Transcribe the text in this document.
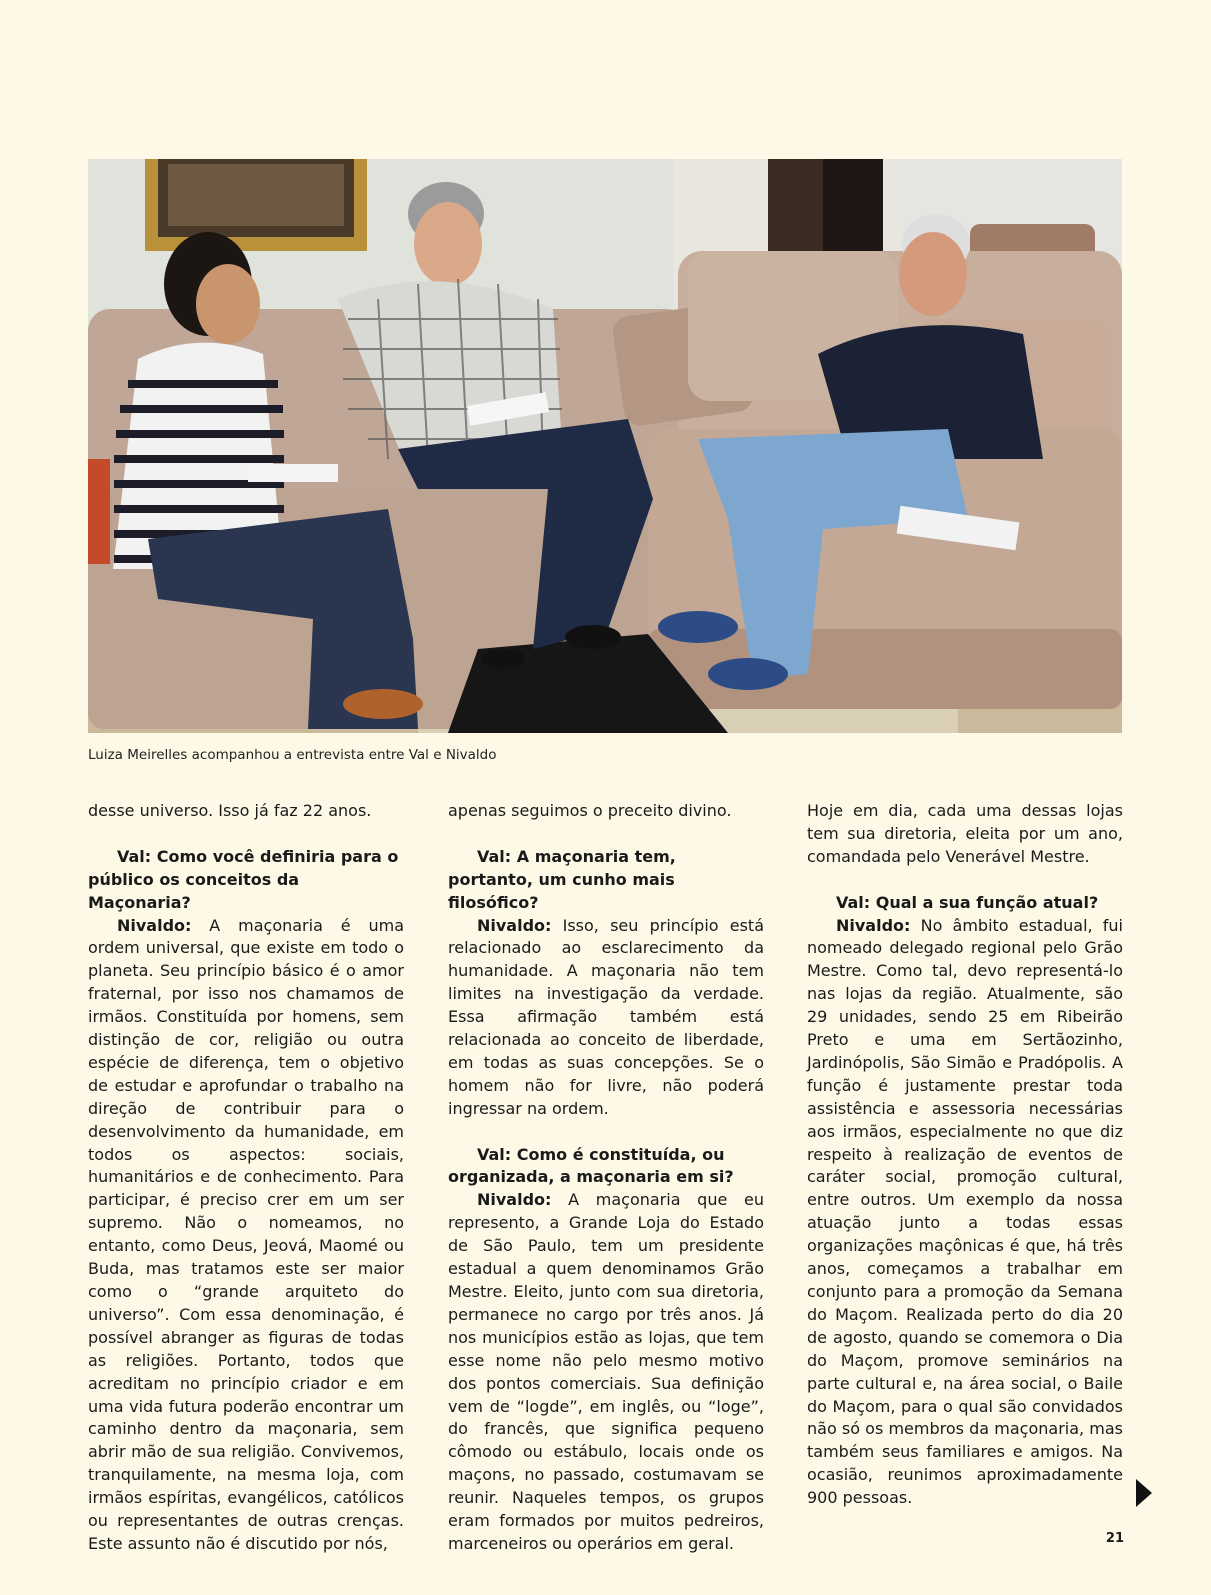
Luiza Meirelles acompanhou a entrevista entre Val e Nivaldo

desse universo. Isso já faz 22 anos.

Val: Como você definiria para o público os conceitos da Maçonaria?

Nivaldo: A maçonaria é uma ordem universal, que existe em todo o planeta. Seu princípio básico é o amor fraternal, por isso nos chamamos de irmãos. Constituída por homens, sem distinção de cor, religião ou outra espécie de diferença, tem o objetivo de estudar e aprofundar o trabalho na direção de contribuir para o desenvolvimento da humanidade, em todos os aspectos: sociais, humanitários e de conhecimento. Para participar, é preciso crer em um ser supremo. Não o nomeamos, no entanto, como Deus, Jeová, Maomé ou Buda, mas tratamos este ser maior como o “grande arquiteto do universo”. Com essa denominação, é possível abranger as figuras de todas as religiões. Portanto, todos que acreditam no princípio criador e em uma vida futura poderão encontrar um caminho dentro da maçonaria, sem abrir mão de sua religião. Convivemos, tranquilamente, na mesma loja, com irmãos espíritas, evangélicos, católicos ou representantes de outras crenças. Este assunto não é discutido por nós,

apenas seguimos o preceito divino.

Val: A maçonaria tem, portanto, um cunho mais filosófico?

Nivaldo: Isso, seu princípio está relacionado ao esclarecimento da humanidade. A maçonaria não tem limites na investigação da verdade. Essa afirmação também está relacionada ao conceito de liberdade, em todas as suas concepções. Se o homem não for livre, não poderá ingressar na ordem.

Val: Como é constituída, ou organizada, a maçonaria em si?

Nivaldo: A maçonaria que eu represento, a Grande Loja do Estado de São Paulo, tem um presidente estadual a quem denominamos Grão Mestre. Eleito, junto com sua diretoria, permanece no cargo por três anos. Já nos municípios estão as lojas, que tem esse nome não pelo mesmo motivo dos pontos comerciais. Sua definição vem de “logde”, em inglês, ou “loge”, do francês, que significa pequeno cômodo ou estábulo, locais onde os maçons, no passado, costumavam se reunir. Naqueles tempos, os grupos eram formados por muitos pedreiros, marceneiros ou operários em geral.

Hoje em dia, cada uma dessas lojas tem sua diretoria, eleita por um ano, comandada pelo Venerável Mestre.

Val: Qual a sua função atual?

Nivaldo: No âmbito estadual, fui nomeado delegado regional pelo Grão Mestre. Como tal, devo representá-lo nas lojas da região. Atualmente, são 29 unidades, sendo 25 em Ribeirão Preto e uma em Sertãozinho, Jardinópolis, São Simão e Pradópolis. A função é justamente prestar toda assistência e assessoria necessárias aos irmãos, especialmente no que diz respeito à realização de eventos de caráter social, promoção cultural, entre outros. Um exemplo da nossa atuação junto a todas essas organizações maçônicas é que, há três anos, começamos a trabalhar em conjunto para a promoção da Semana do Maçom. Realizada perto do dia 20 de agosto, quando se comemora o Dia do Maçom, promove seminários na parte cultural e, na área social, o Baile do Maçom, para o qual são convidados não só os membros da maçonaria, mas também seus familiares e amigos. Na ocasião, reunimos aproximadamente 900 pessoas.

21
